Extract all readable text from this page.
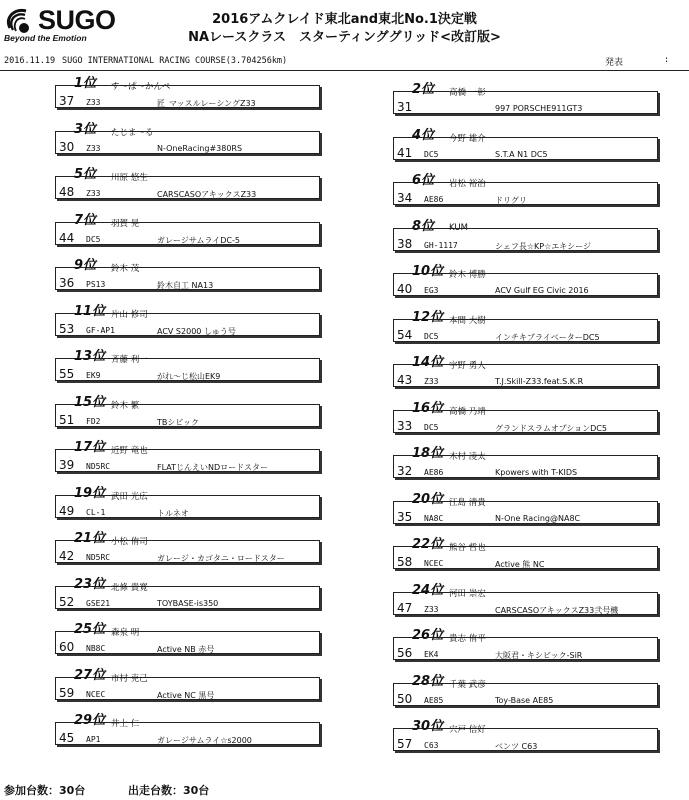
SUGO
Beyond the Emotion
2016アムクレイド東北and東北No.1決定戦
NAレースクラス　スターティンググリッド<改訂版>
2016.11.19 SUGO INTERNATIONAL RACING COURSE(3.704256km)	発表	:
1位 す～ぱ～かんぺ
37 Z33	匠_マッスルレーシングZ33
2位 高橋 一彰
31	997 PORSCHE911GT3
3位 たじま～る
30 Z33	N-OneRacing#380RS
4位 今野 雄介
41 DC5	S.T.A N1 DC5
5位 川原 悠生
48 Z33	CARSCASOアキックスZ33
6位 岩松 裕治
34 AE86	ドリグリ
7位 羽賀 晃
44 DC5	ガレージサムライDC-5
8位 KUM
38 GH-1117	シェフ長☆KP☆エキシージ
9位 鈴木 茂
36 PS13	鈴木自工 NA13
10位 鈴木 博勝
40 EG3	ACV Gulf EG Civic 2016
11位 片山 修司
53 GF-AP1	ACV S2000 しゅう号
12位 本間 大樹
54 DC5	インチキプライベーターDC5
13位 斉藤 利一
55 EK9	がれ～じ松山EK9
14位 宇野 勇人
43 Z33	T.J.Skill-Z33.feat.S.K.R
15位 鈴木 繁
51 FD2	TBシビック
16位 高橋 乃靖
33 DC5	グランドスラムオプションDC5
17位 近野 竜也
39 ND5RC	FLATじんえいNDロードスター
18位 木村 凌太
32 AE86	Kpowers with T-KIDS
19位 武田 光広
49 CL-1	トルネオ
20位 江島 清貴
35 NA8C	N-One Racing@NA8C
21位 小松 侑司
42 ND5RC	ガレージ・カゴタニ・ロードスター
22位 熊谷 哲也
58 NCEC	Active 熊 NC
23位 北條 貴寛
52 GSE21	TOYBASE-is350
24位 河田 崇宏
47 Z33	CARSCASOアキックスZ33弐号機
25位 森泉 明
60 NB8C	Active NB 赤号
26位 貴志 侑平
56 EK4	大阪君・キシビック-SiR
27位 市村 克己
59 NCEC	Active NC 黒号
28位 千葉 武彦
50 AE85	Toy-Base AE85
29位 井上 仁
45 AP1	ガレージサムライ☆s2000
30位 宍戸 信好
57 C63	ベンツ C63
参加台数：30台	出走台数：30台
